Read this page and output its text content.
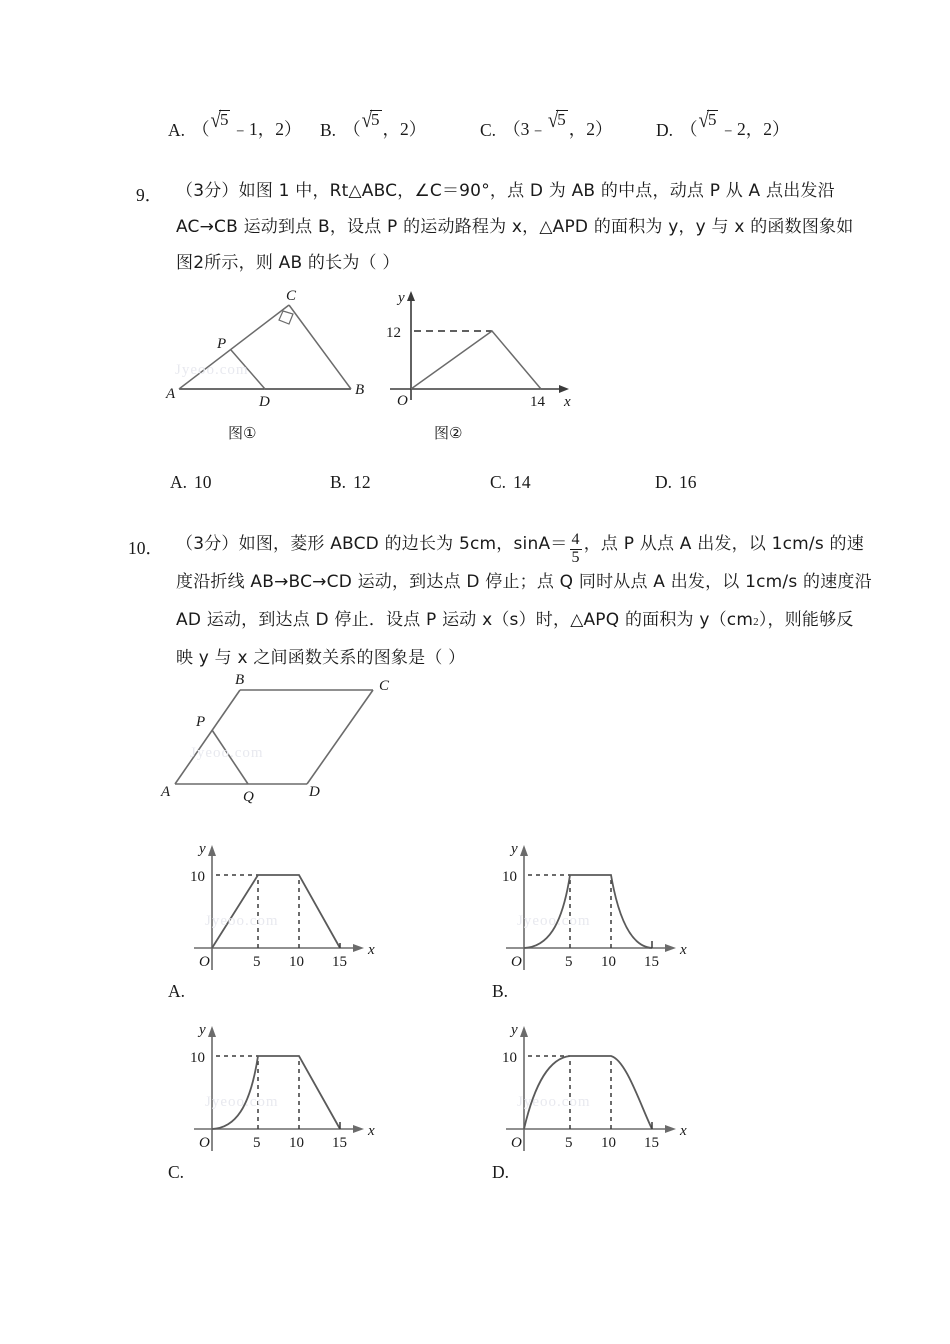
A. （ √5 ﹣1，2 ） B. （ √5 ，2 ）	C. （ 3﹣ √5 ，2 ） D. （ √5 ﹣2，2 ）
9． （3分）如图 1 中，Rt△ABC，∠C＝90°，点 D 为 AB 的中点，动点 P 从 A 点出发沿
AC→CB 运动到点 B，设点 P 的运动路程为 x，△APD 的面积为 y，y 与 x 的函数图象如
图2所示，则 AB 的长为（ ）
A	B
C
D
P
图①
y
x
O
12
14
图②
A. 10	B. 12	C. 14	D. 16
10． （3分）如图，菱形 ABCD 的边长为 5cm，$\sin A= \frac{4}{5}$ ，点 P 从点 A 出发，以 1cm/s 的速
度沿折线 AB→BC→CD 运动，到达点 D 停止；点 Q 同时从点 A 出发，以 1cm/s 的速度沿
AD 运动，到达点 D 停止．设点 P 运动 x（s）时，△APQ 的面积为 y（cm 2 ），则能够反
映 y 与 x 之间函数关系的图象是（ ）
A
B	C
D
P
Q
y
x
O
10
5 10 15
A.
y
x
O
10
5 10 15
B.
y
x
O
10
5 10 15
C.
y
x
O
10
5 10 15
D.
Jyeoo.com
Jyeoo.com
Jyeoo.com	Jyeoo.com
Jyeoo.com	Jyeoo.com
